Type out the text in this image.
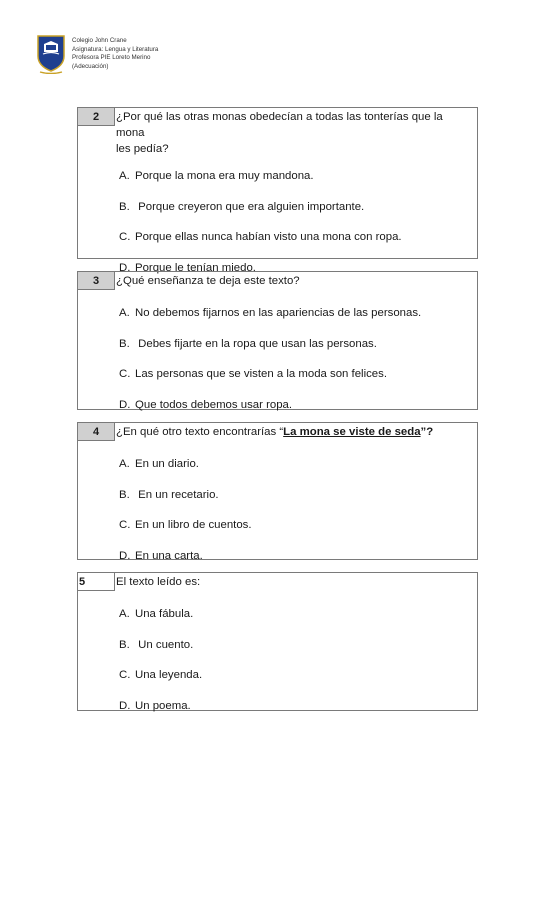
Colegio John Crane
Asignatura: Lengua y Literatura
Profesora PIE Loreto Merino
(Adecuación)
2	¿Por qué las otras monas obedecían a todas las tonterías que la mona
les pedía?
A. Porque la mona era muy mandona.
B. Porque creyeron que era alguien importante.
C. Porque ellas nunca habían visto una mona con ropa.
D. Porque le tenían miedo.
3	¿Qué enseñanza te deja este texto?
A. No debemos fijarnos en las apariencias de las personas.
B. Debes fijarte en la ropa que usan las personas.
C. Las personas que se visten a la moda son felices.
D. Que todos debemos usar ropa.
4	¿En qué otro texto encontrarías “La mona se viste de seda”?
A. En un diario.
B. En un recetario.
C. En un libro de cuentos.
D. En una carta.
5	El texto leído es:
A. Una fábula.
B. Un cuento.
C. Una leyenda.
D. Un poema.
